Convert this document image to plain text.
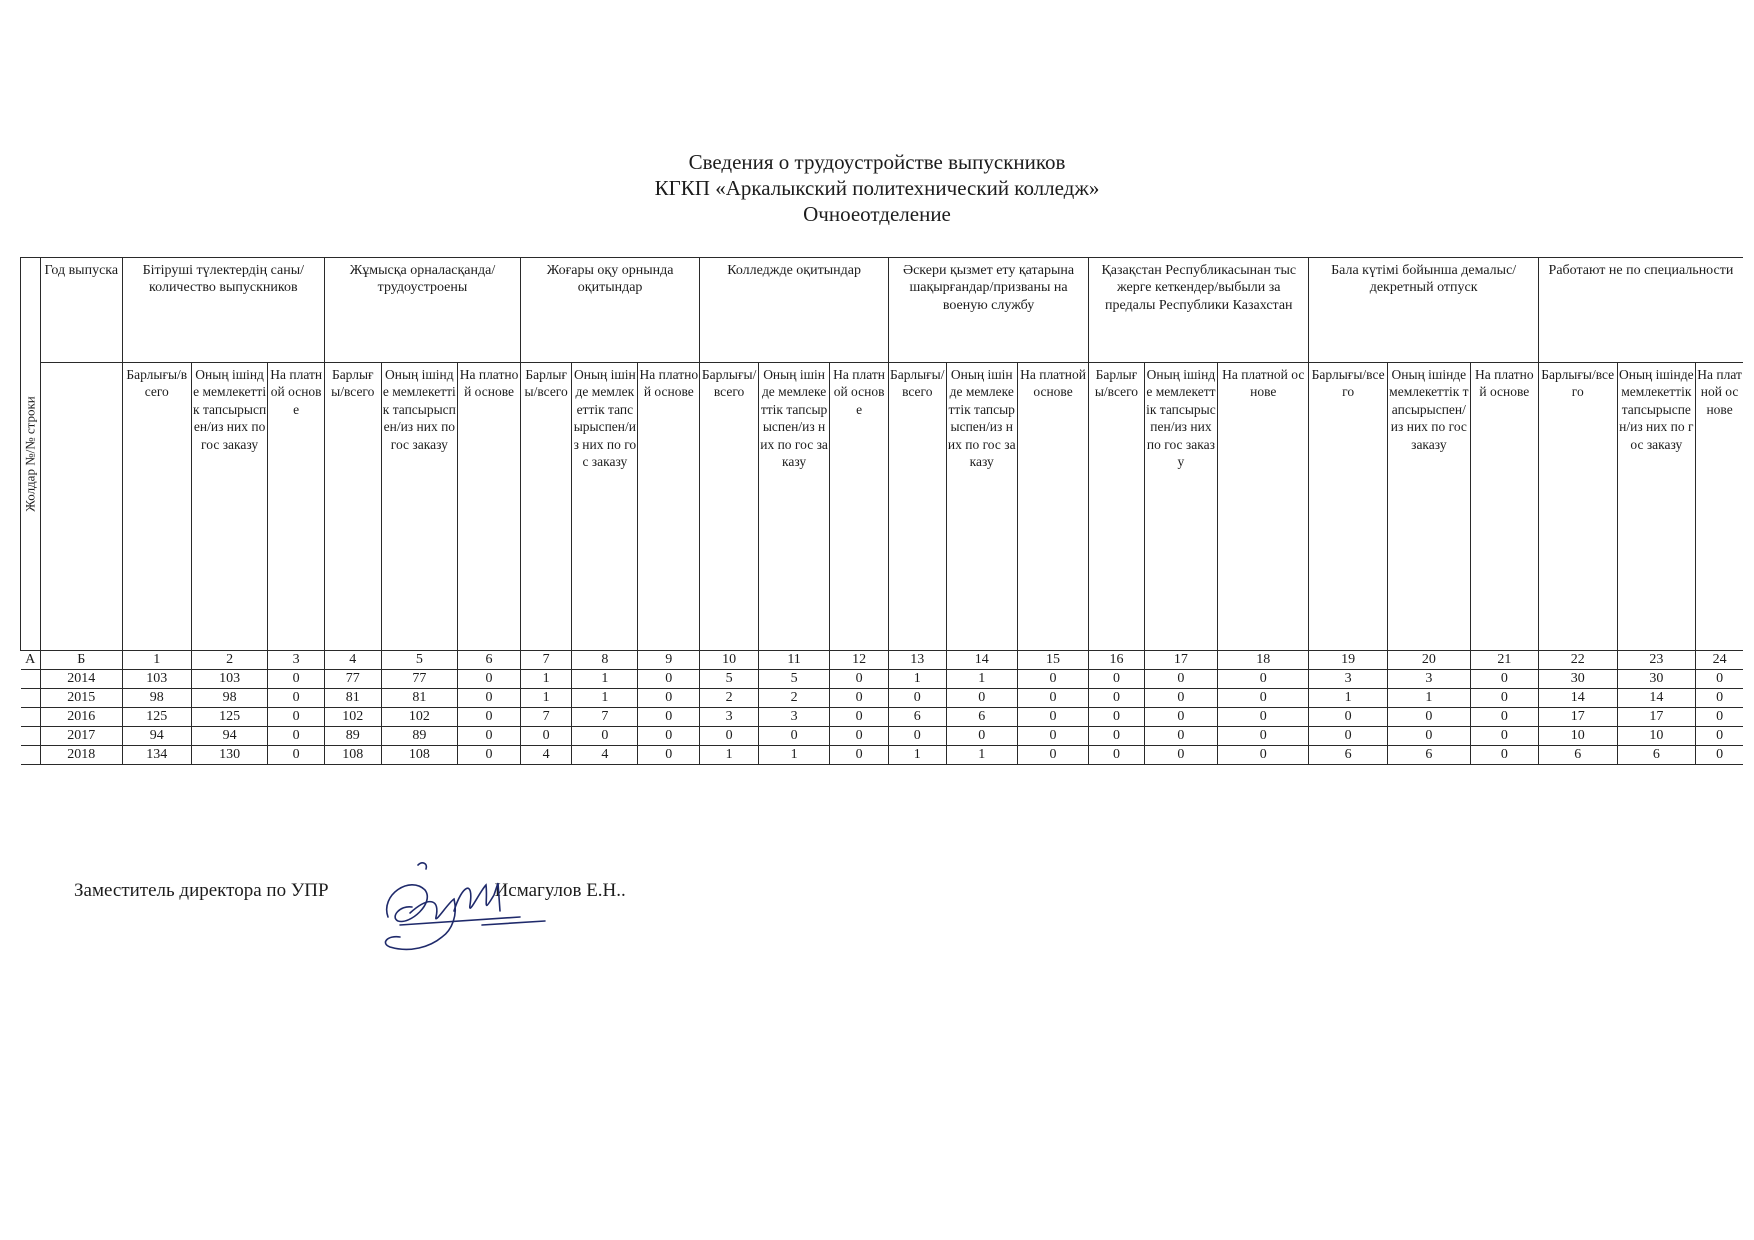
Сведения о трудоустройстве выпускников
КГКП «Аркалыкский политехнический колледж»
Очноеотделение
Жолдар №/№ строки	Год выпуска	Бітіруші түлектердің саны/количество выпускников			Жұмысқа орналасқанда/трудоустроены			Жоғары оқу орнында оқитындар			Колледжде оқитындар			Әскери қызмет ету қатарына шақырғандар/призваны на военую службу			Қазақстан Республикасынан тыс жерге кеткендер/выбыли за предалы Республики Казахстан			Бала күтімі бойынша демалыс/декретный отпуск			Работают не по специальности		
		Барлығы/всего	Оның ішінде мемлекеттік тапсырыспен/из них по гос заказу	На платной основе	Барлығы/всего	Оның ішінде мемлекеттік тапсырыспен/из них по гос заказу	На платной основе	Барлығы/всего	Оның ішінде мемлекеттік тапсырыспен/из них по гос заказу	На платной основе	Барлығы/всего	Оның ішінде мемлекеттік тапсырыспен/из них по гос заказу	На платной основе	Барлығы/всего	Оның ішінде мемлекеттік тапсырыспен/из них по гос заказу	На платной основе	Барлығы/всего	Оның ішінде мемлекеттік тапсырыспен/из них по гос заказу	На платной основе	Барлығы/всего	Оның ішінде мемлекеттік тапсырыспен/из них по гос заказу	На платной основе	Барлығы/всего	Оның ішінде мемлекеттік тапсырыспен/из них по гос заказу	На платной основе
А	Б	1	2	3	4	5	6	7	8	9	10	11	12	13	14	15	16	17	18	19	20	21	22	23	24
	2014	103	103	0	77	77	0	1	1	0	5	5	0	1	1	0	0	0	0	3	3	0	30	30	0
	2015	98	98	0	81	81	0	1	1	0	2	2	0	0	0	0	0	0	0	1	1	0	14	14	0
	2016	125	125	0	102	102	0	7	7	0	3	3	0	6	6	0	0	0	0	0	0	0	17	17	0
	2017	94	94	0	89	89	0	0	0	0	0	0	0	0	0	0	0	0	0	0	0	0	10	10	0
	2018	134	130	0	108	108	0	4	4	0	1	1	0	1	1	0	0	0	0	6	6	0	6	6	0
Заместитель директора по УПР	Исмагулов Е.Н..
